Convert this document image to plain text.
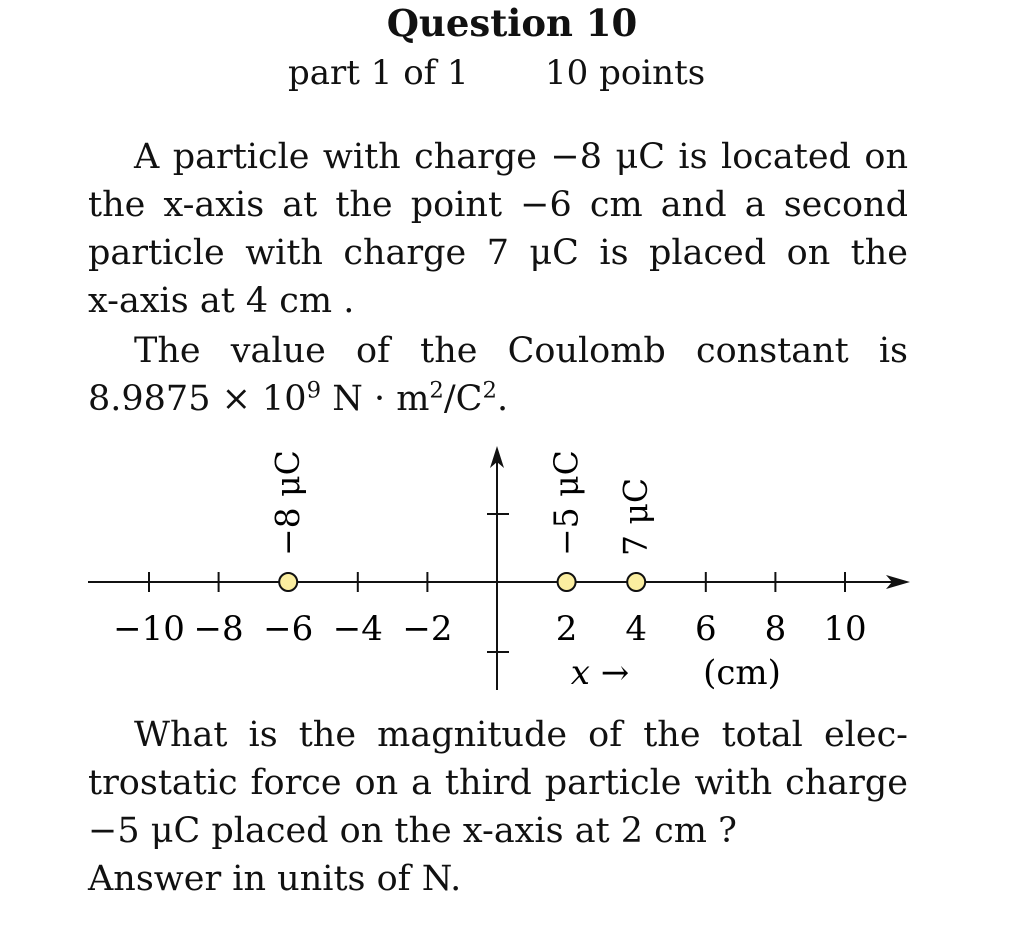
Question 10
part 1 of 1 10 points
A particle with charge −8 μC is located on
the x-axis at the point −6 cm and a second
particle with charge 7 μC is placed on the
x-axis at 4 cm .
The value of the Coulomb constant is
$8.9875 \times 10^9$ $N \cdot m^2/C^2$.
−10 −8 −6 −4 −2	2 4 6 8 10
−8 μC	−5 μC 7 μC
x → (cm)
What is the magnitude of the total elec-
trostatic force on a third particle with charge
−5 μC placed on the x-axis at 2 cm ?
Answer in units of N.
